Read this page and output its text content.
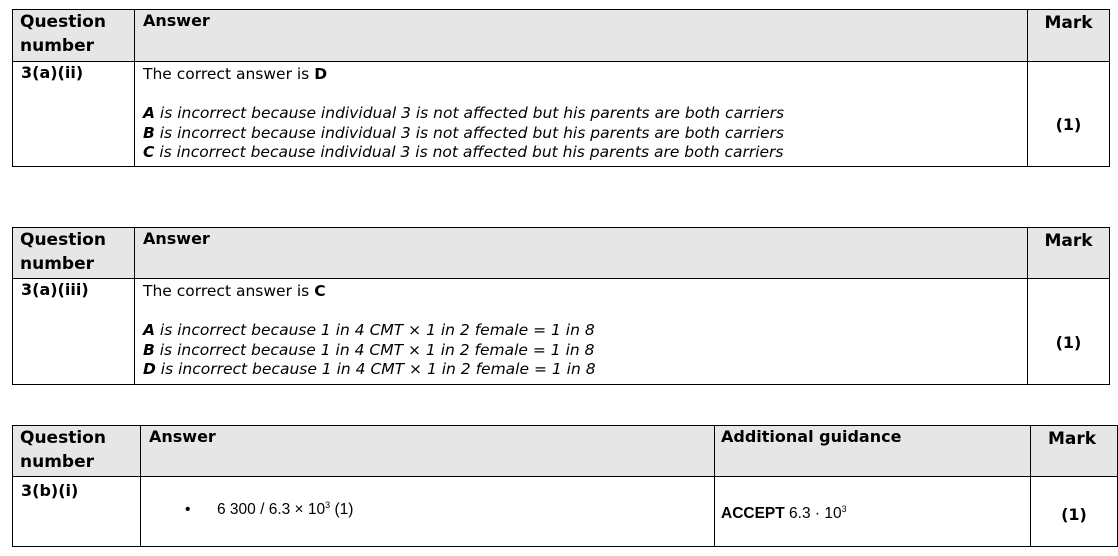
Question
number	Answer	Mark
3(a)(ii)	The correct answer is D
A is incorrect because individual 3 is not affected but his parents are both carriers
B is incorrect because individual 3 is not affected but his parents are both carriers
C is incorrect because individual 3 is not affected but his parents are both carriers	(1)
Question
number	Answer	Mark
3(a)(iii)	The correct answer is C
A is incorrect because 1 in 4 CMT × 1 in 2 female = 1 in 8
B is incorrect because 1 in 4 CMT × 1 in 2 female = 1 in 8
D is incorrect because 1 in 4 CMT × 1 in 2 female = 1 in 8	(1)
Question
number	Answer	Additional guidance	Mark
3(b)(i)	• 6 $300 / 6.3 \times 10^3$ (1)	ACCEPT $6.3 \cdot 10^3$	(1)
